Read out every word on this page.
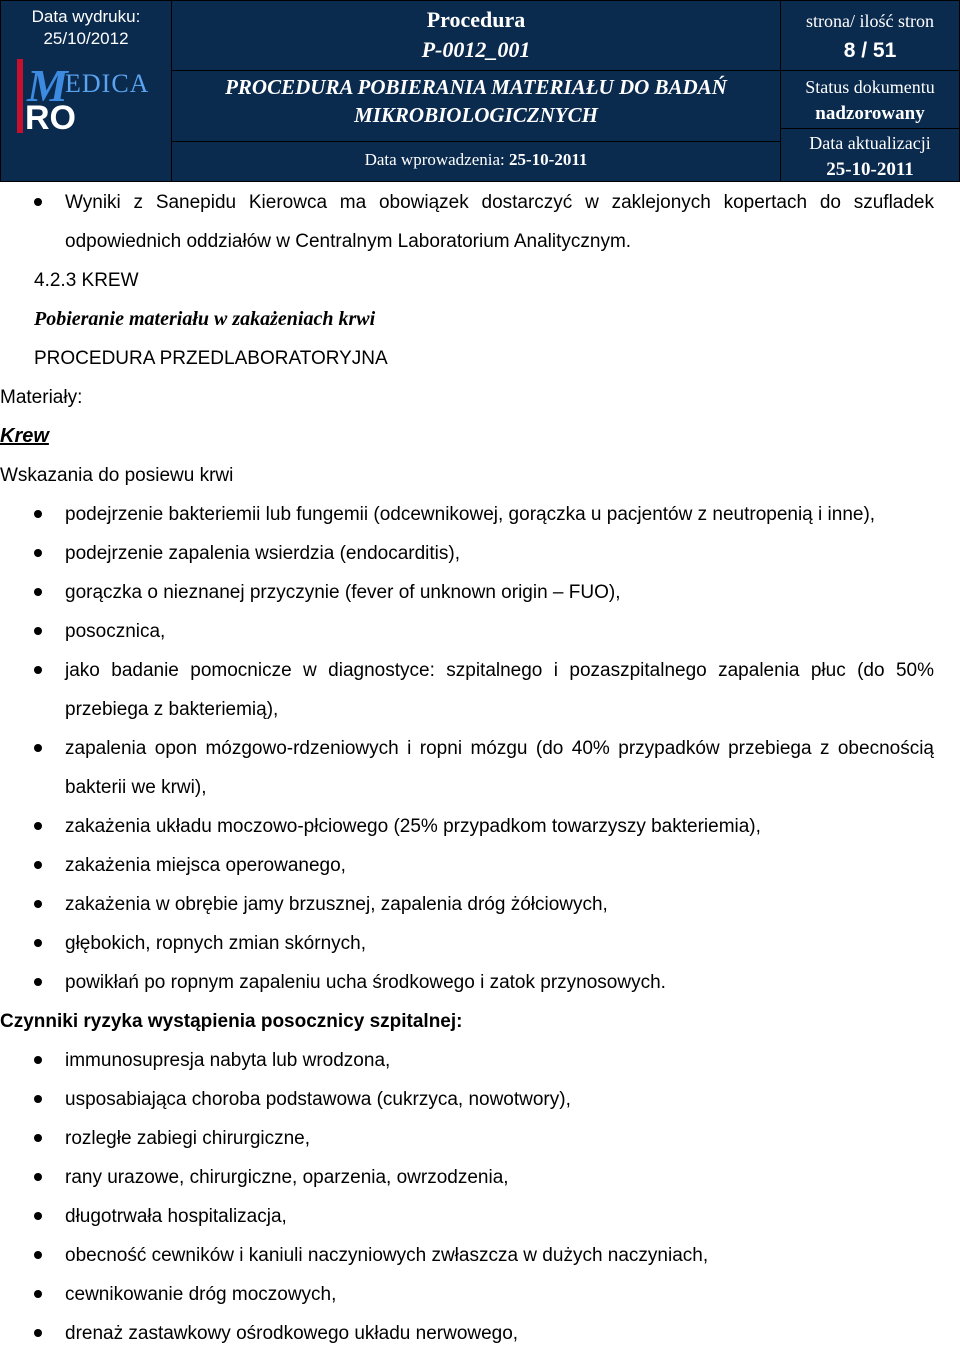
Data wydruku:
25/10/2012
M
EDICA
RO
Procedura
P-0012_001
PROCEDURA POBIERANIA MATERIAŁU DO BADAŃ
MIKROBIOLOGICZNYCH
Data wprowadzenia: 25-10-2011
strona/ ilość stron
8 / 51
Status dokumentu
nadzorowany
Data aktualizacji
25-10-2011
Wyniki z Sanepidu Kierowca ma obowiązek dostarczyć w zaklejonych kopertach do szufladek odpowiednich oddziałów w Centralnym Laboratorium Analitycznym.

4.2.3 KREW

Pobieranie materiału w zakażeniach krwi

PROCEDURA PRZEDLABORATORYJNA

Materiały:

Krew

Wskazania do posiewu krwi

podejrzenie bakteriemii lub fungemii (odcewnikowej, gorączka u pacjentów z neutropenią i inne),
podejrzenie zapalenia wsierdzia (endocarditis),
gorączka o nieznanej przyczynie (fever of unknown origin – FUO),
posocznica,
jako badanie pomocnicze w diagnostyce: szpitalnego i pozaszpitalnego zapalenia płuc (do 50% przebiega z bakteriemią),
zapalenia opon mózgowo-rdzeniowych i ropni mózgu (do 40% przypadków przebiega z obecnością bakterii we krwi),
zakażenia układu moczowo-płciowego (25% przypadkom towarzyszy bakteriemia),
zakażenia miejsca operowanego,
zakażenia w obrębie jamy brzusznej, zapalenia dróg żółciowych,
głębokich, ropnych zmian skórnych,
powikłań po ropnym zapaleniu ucha środkowego i zatok przynosowych.

Czynniki ryzyka wystąpienia posocznicy szpitalnej:

immunosupresja nabyta lub wrodzona,
usposabiająca choroba podstawowa (cukrzyca, nowotwory),
rozległe zabiegi chirurgiczne,
rany urazowe, chirurgiczne, oparzenia, owrzodzenia,
długotrwała hospitalizacja,
obecność cewników i kaniuli naczyniowych zwłaszcza w dużych naczyniach,
cewnikowanie dróg moczowych,
drenaż zastawkowy ośrodkowego układu nerwowego,
